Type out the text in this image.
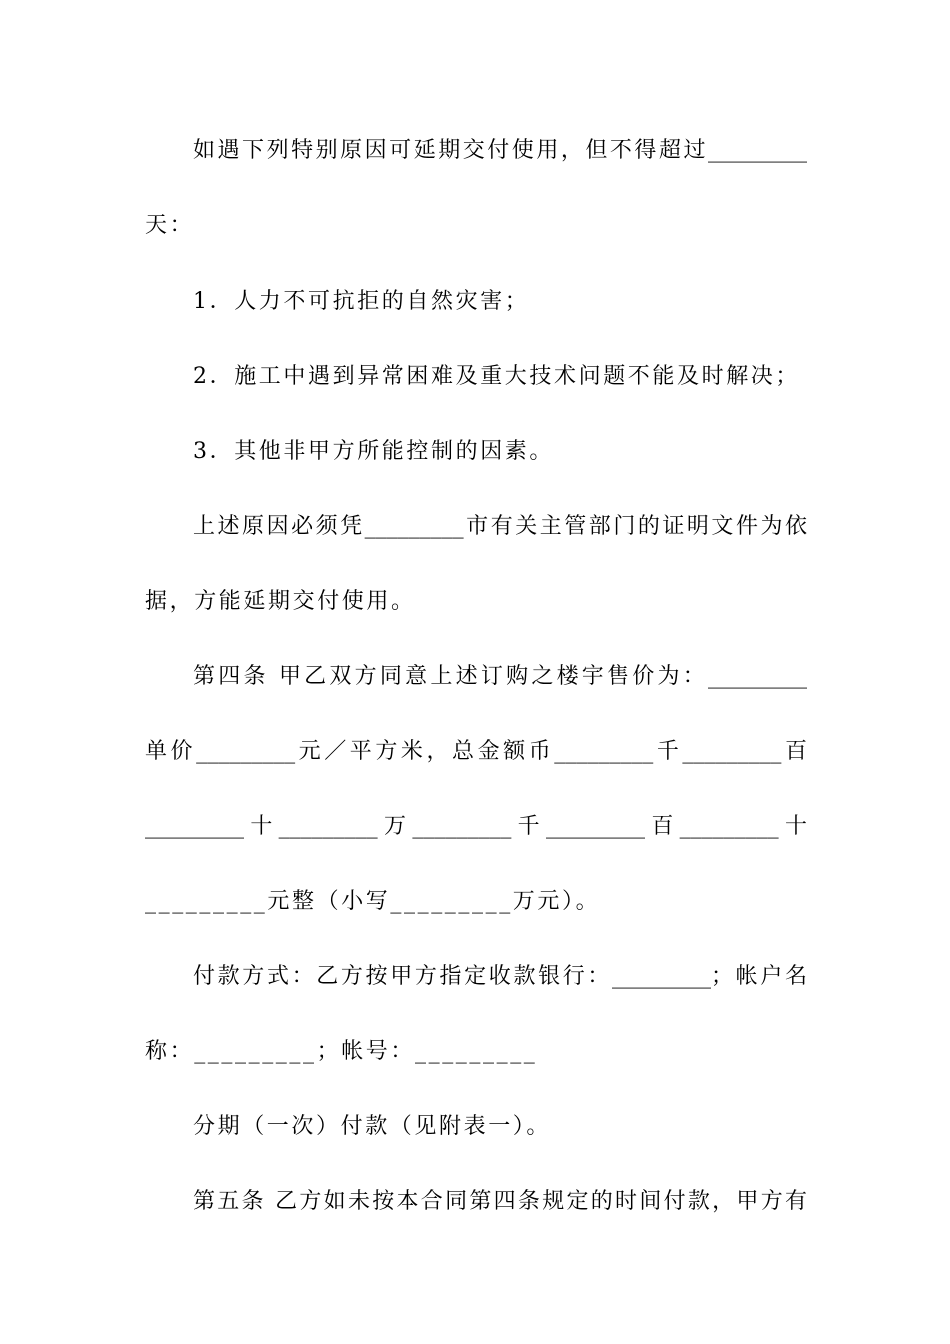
如遇下列特别原因可延期交付使用，但不得超过_________
天：
1．人力不可抗拒的自然灾害；
2．施工中遇到异常困难及重大技术问题不能及时解决；
3．其他非甲方所能控制的因素。
上述原因必须凭_________市有关主管部门的证明文件为依
据，方能延期交付使用。
第四条 甲乙双方同意上述订购之楼宇售价为：_________
单价_________元／平方米，总金额币_________千_________百
_________十_________万_________千_________百_________十
_________元整（小写_________万元）。
付款方式：乙方按甲方指定收款银行：_________；帐户名
称：_________；帐号：_________
分期（一次）付款（见附表一）。
第五条 乙方如未按本合同第四条规定的时间付款，甲方有
